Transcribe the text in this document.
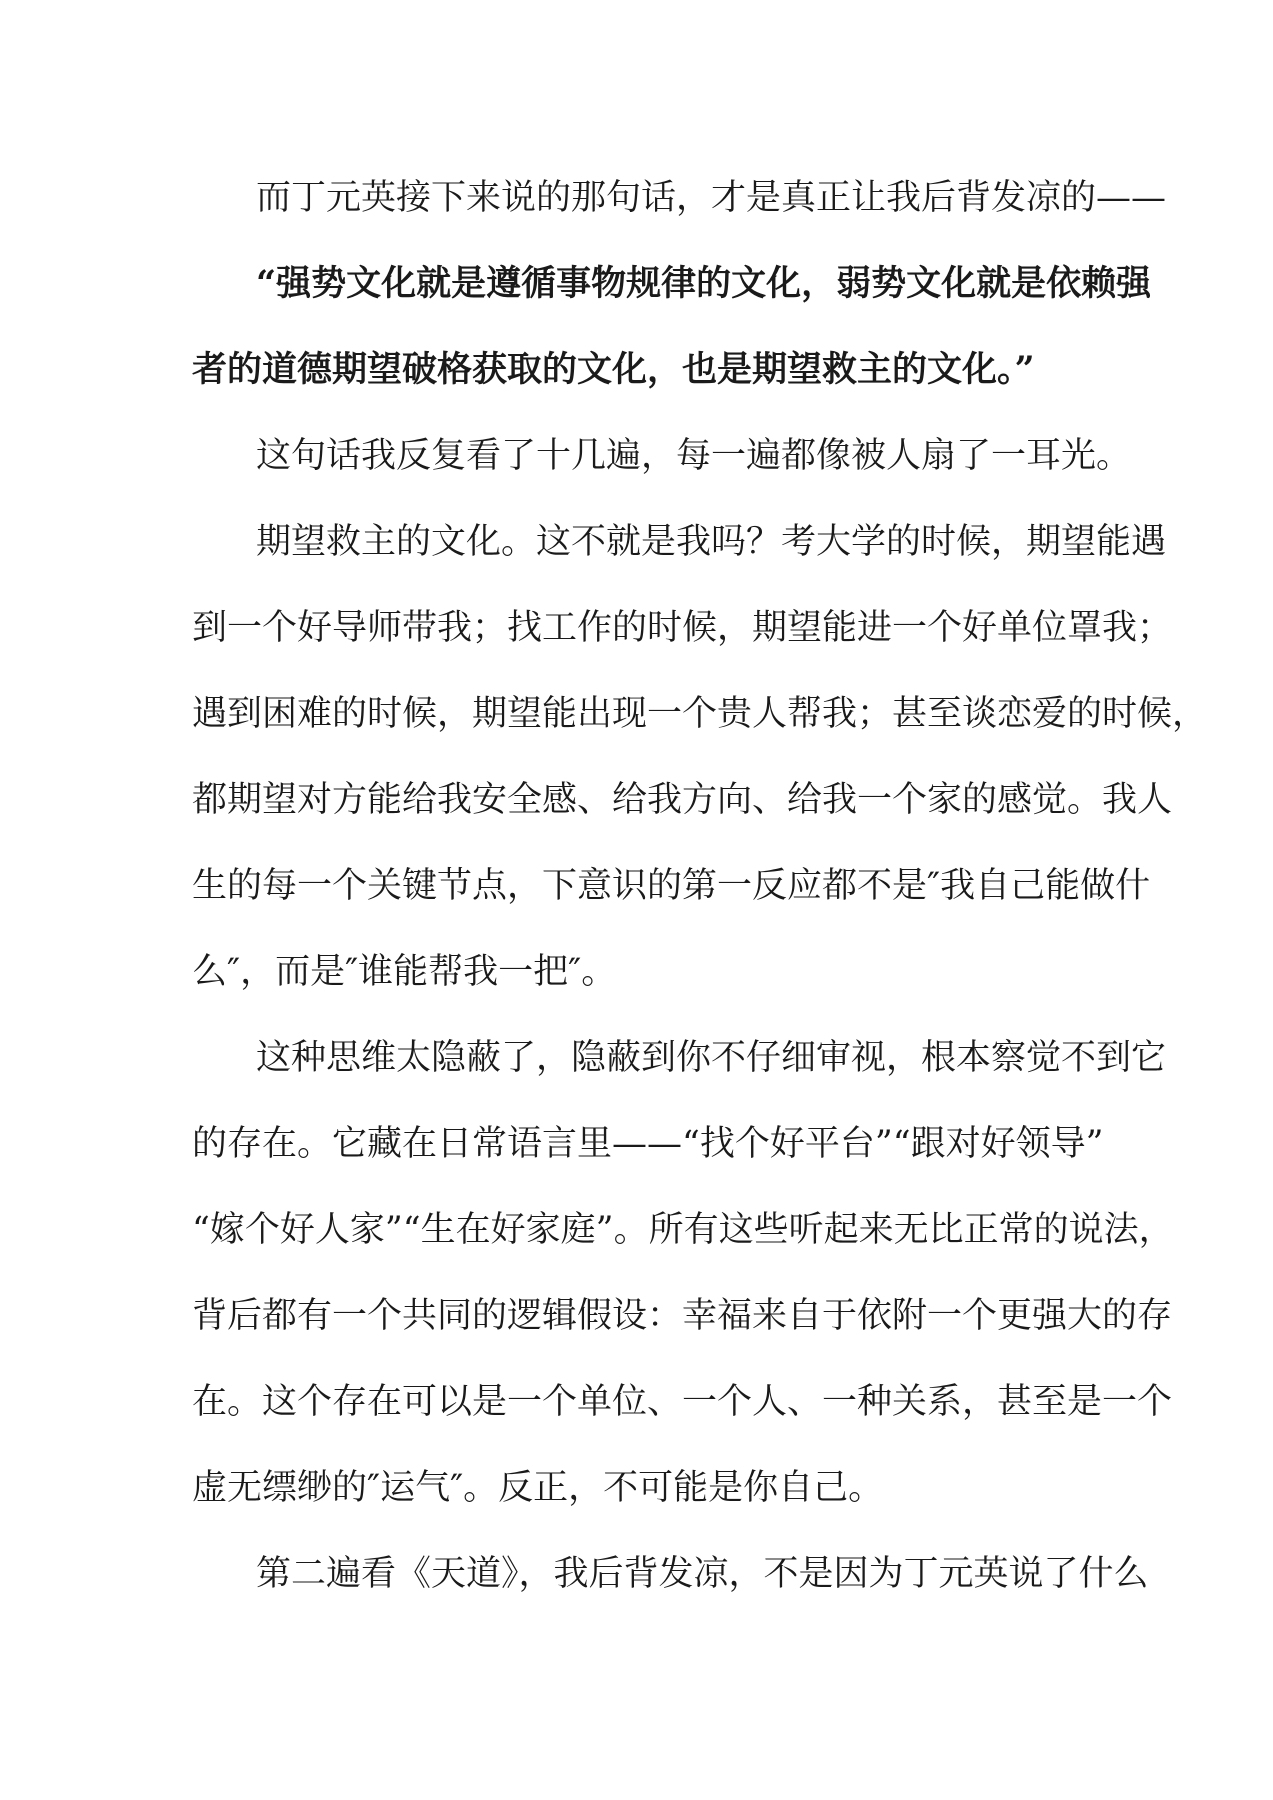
而丁元英接下来说的那句话，才是真正让我后背发凉的——
“强势文化就是遵循事物规律的文化，弱势文化就是依赖强
者的道德期望破格获取的文化，也是期望救主的文化。”
这句话我反复看了十几遍，每一遍都像被人扇了一耳光。
期望救主的文化。这不就是我吗？考大学的时候，期望能遇
到一个好导师带我；找工作的时候，期望能进一个好单位罩我；
遇到困难的时候，期望能出现一个贵人帮我；甚至谈恋爱的时候，
都期望对方能给我安全感、给我方向、给我一个家的感觉。我人
生的每一个关键节点，下意识的第一反应都不是″我自己能做什
么″，而是″谁能帮我一把″。
这种思维太隐蔽了，隐蔽到你不仔细审视，根本察觉不到它
的存在。它藏在日常语言里——“找个好平台”“跟对好领导”
“嫁个好人家”“生在好家庭”。所有这些听起来无比正常的说法，
背后都有一个共同的逻辑假设：幸福来自于依附一个更强大的存
在。这个存在可以是一个单位、一个人、一种关系，甚至是一个
虚无缥缈的″运气″。反正，不可能是你自己。
第二遍看《天道》，我后背发凉，不是因为丁元英说了什么
